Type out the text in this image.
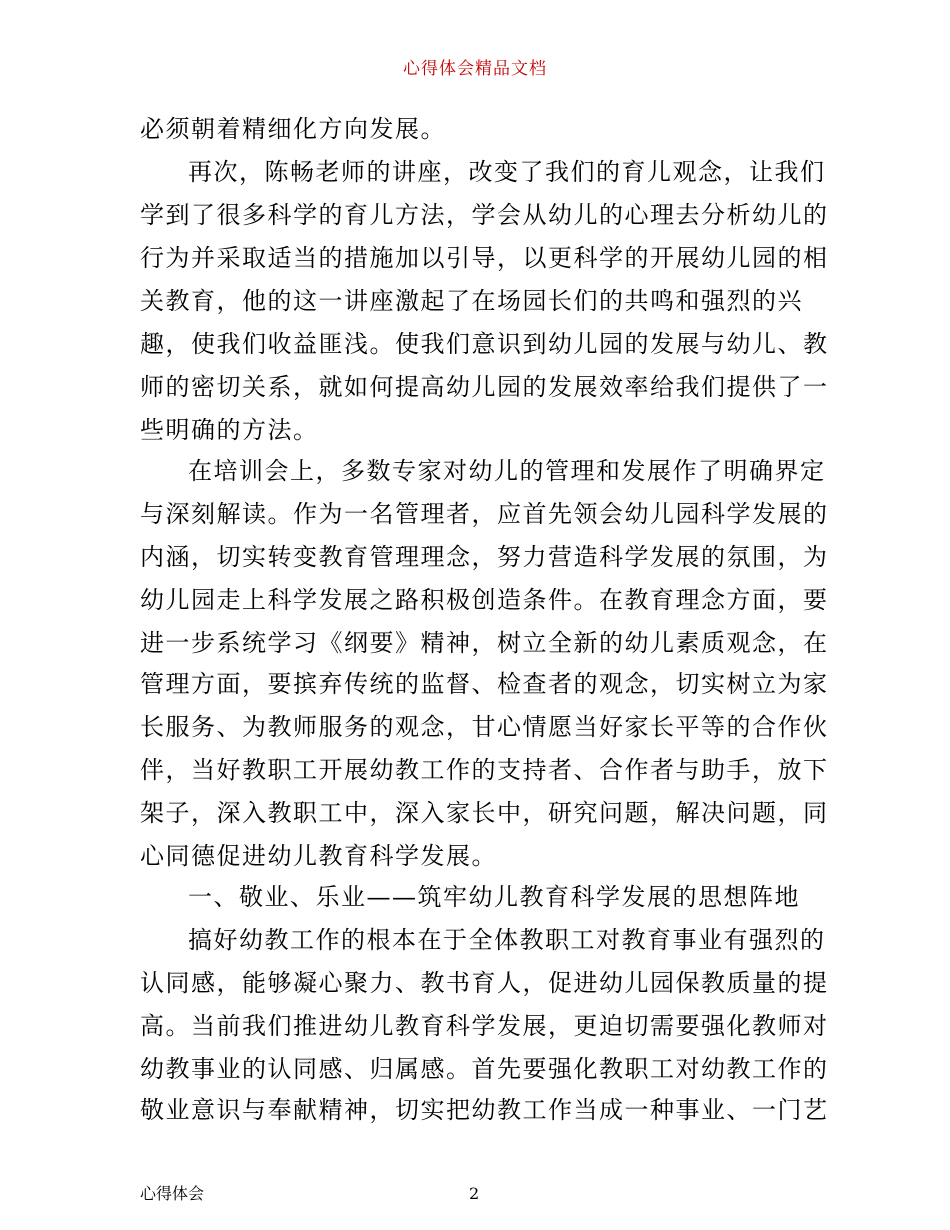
心得体会精品文档
必须朝着精细化方向发展。
再次，陈畅老师的讲座，改变了我们的育儿观念，让我们
学到了很多科学的育儿方法，学会从幼儿的心理去分析幼儿的
行为并采取适当的措施加以引导，以更科学的开展幼儿园的相
关教育，他的这一讲座激起了在场园长们的共鸣和强烈的兴
趣，使我们收益匪浅。使我们意识到幼儿园的发展与幼儿、教
师的密切关系，就如何提高幼儿园的发展效率给我们提供了一
些明确的方法。
在培训会上，多数专家对幼儿的管理和发展作了明确界定
与深刻解读。作为一名管理者，应首先领会幼儿园科学发展的
内涵，切实转变教育管理理念，努力营造科学发展的氛围，为
幼儿园走上科学发展之路积极创造条件。在教育理念方面，要
进一步系统学习《纲要》精神，树立全新的幼儿素质观念，在
管理方面，要摈弃传统的监督、检查者的观念，切实树立为家
长服务、为教师服务的观念，甘心情愿当好家长平等的合作伙
伴，当好教职工开展幼教工作的支持者、合作者与助手，放下
架子，深入教职工中，深入家长中，研究问题，解决问题，同
心同德促进幼儿教育科学发展。
一、敬业、乐业——筑牢幼儿教育科学发展的思想阵地
搞好幼教工作的根本在于全体教职工对教育事业有强烈的
认同感，能够凝心聚力、教书育人，促进幼儿园保教质量的提
高。当前我们推进幼儿教育科学发展，更迫切需要强化教师对
幼教事业的认同感、归属感。首先要强化教职工对幼教工作的
敬业意识与奉献精神，切实把幼教工作当成一种事业、一门艺
心得体会	2
